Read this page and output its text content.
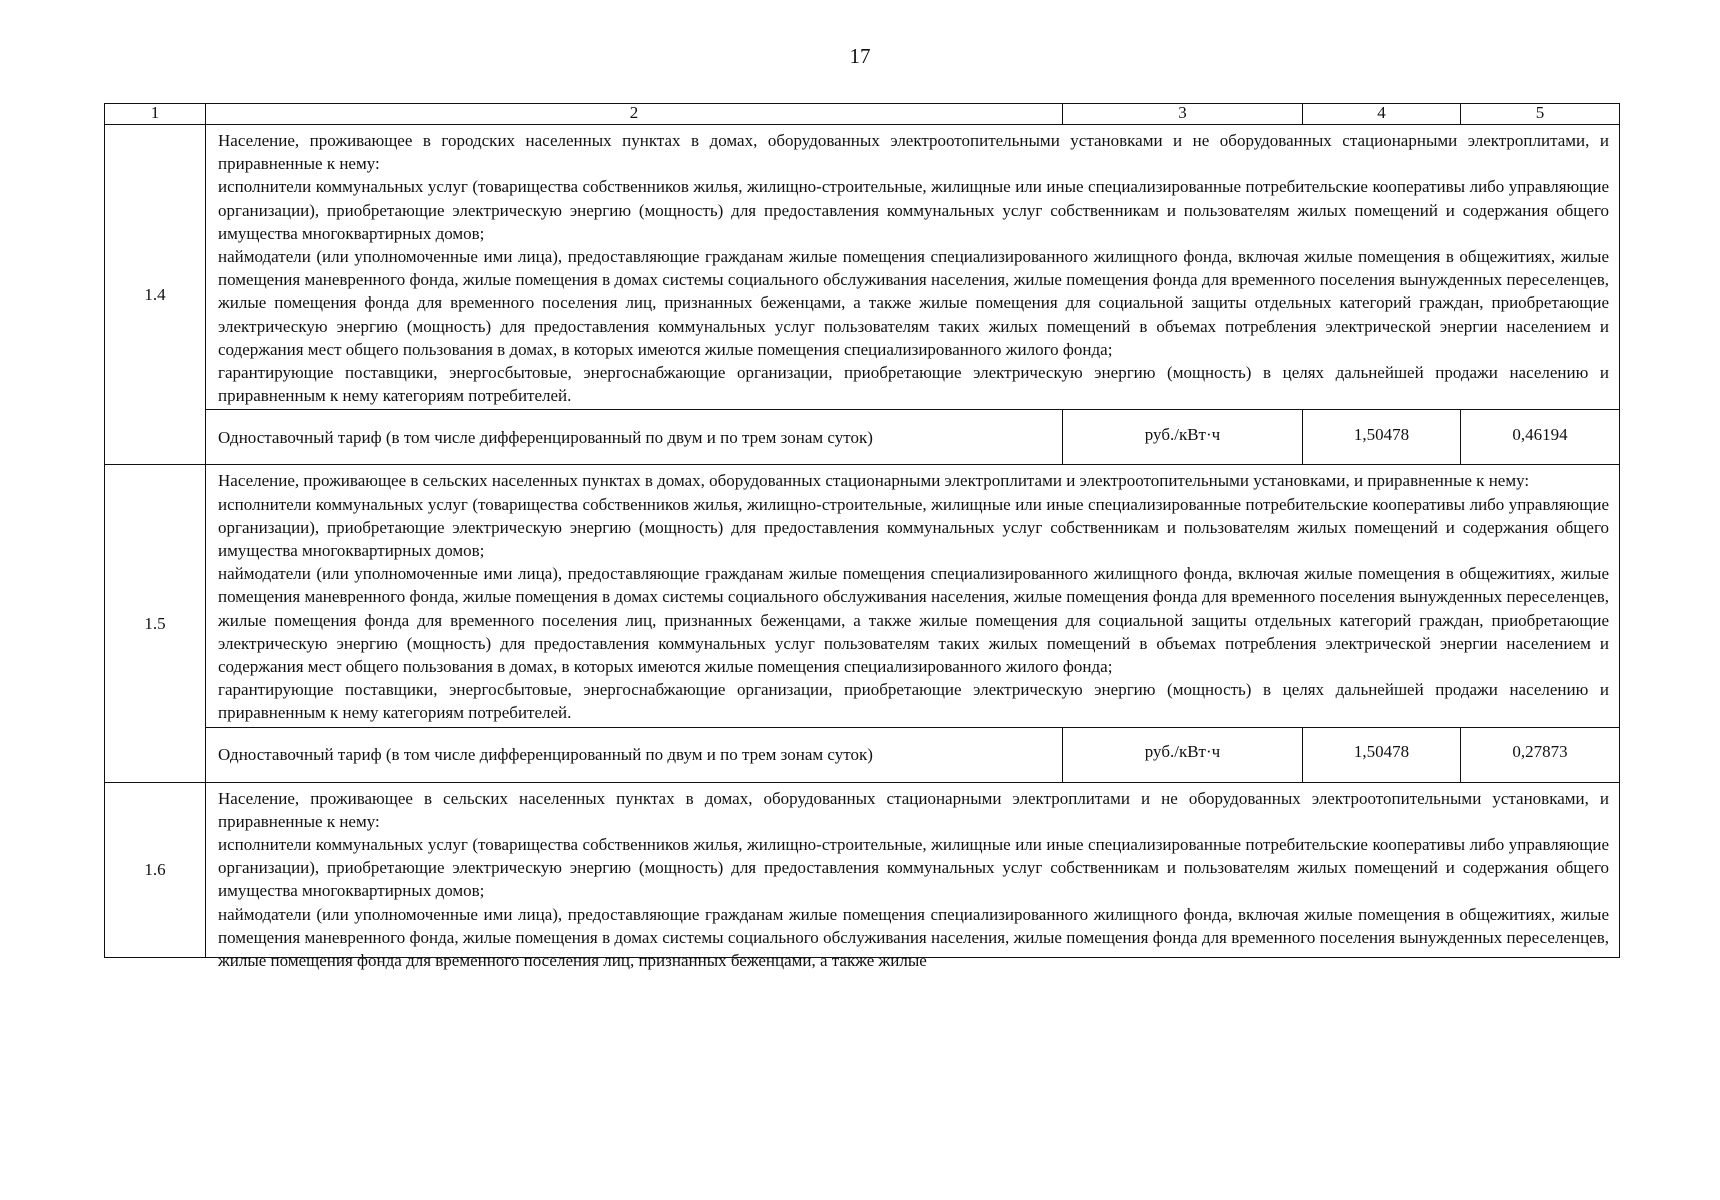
17
1	2	3	4	5
1.4	Население, проживающее в городских населенных пунктах в домах, оборудованных электроотопительными установками и не оборудованных стационарными электроплитами, и приравненные к нему:

исполнители коммунальных услуг (товарищества собственников жилья, жилищно-строительные, жилищные или иные специализированные потребительские кооперативы либо управляющие организации), приобретающие электрическую энергию (мощность) для предоставления коммунальных услуг собственникам и пользователям жилых помещений и содержания общего имущества многоквартирных домов;

наймодатели (или уполномоченные ими лица), предоставляющие гражданам жилые помещения специализированного жилищного фонда, включая жилые помещения в общежитиях, жилые помещения маневренного фонда, жилые помещения в домах системы социального обслуживания населения, жилые помещения фонда для временного поселения вынужденных переселенцев, жилые помещения фонда для временного поселения лиц, признанных беженцами, а также жилые помещения для социальной защиты отдельных категорий граждан, приобретающие электрическую энергию (мощность) для предоставления коммунальных услуг пользователям таких жилых помещений в объемах потребления электрической энергии населением и содержания мест общего пользования в домах, в которых имеются жилые помещения специализированного жилого фонда;

гарантирующие поставщики, энергосбытовые, энергоснабжающие организации, приобретающие электрическую энергию (мощность) в целях дальнейшей продажи населению и приравненным к нему категориям потребителей.			

	Одноставочный тариф (в том числе дифференцированный по двум и по трем зонам суток)	руб./кВт·ч	1,50478	0,46194
1.5	Население, проживающее в сельских населенных пунктах в домах, оборудованных стационарными электроплитами и электроотопительными установками, и приравненные к нему:

исполнители коммунальных услуг (товарищества собственников жилья, жилищно-строительные, жилищные или иные специализированные потребительские кооперативы либо управляющие организации), приобретающие электрическую энергию (мощность) для предоставления коммунальных услуг собственникам и пользователям жилых помещений и содержания общего имущества многоквартирных домов;

наймодатели (или уполномоченные ими лица), предоставляющие гражданам жилые помещения специализированного жилищного фонда, включая жилые помещения в общежитиях, жилые помещения маневренного фонда, жилые помещения в домах системы социального обслуживания населения, жилые помещения фонда для временного поселения вынужденных переселенцев, жилые помещения фонда для временного поселения лиц, признанных беженцами, а также жилые помещения для социальной защиты отдельных категорий граждан, приобретающие электрическую энергию (мощность) для предоставления коммунальных услуг пользователям таких жилых помещений в объемах потребления электрической энергии населением и содержания мест общего пользования в домах, в которых имеются жилые помещения специализированного жилого фонда;

гарантирующие поставщики, энергосбытовые, энергоснабжающие организации, приобретающие электрическую энергию (мощность) в целях дальнейшей продажи населению и приравненным к нему категориям потребителей.			

	Одноставочный тариф (в том числе дифференцированный по двум и по трем зонам суток)	руб./кВт·ч	1,50478	0,27873
1.6	Население, проживающее в сельских населенных пунктах в домах, оборудованных стационарными электроплитами и не оборудованных электроотопительными установками, и приравненные к нему:

исполнители коммунальных услуг (товарищества собственников жилья, жилищно-строительные, жилищные или иные специализированные потребительские кооперативы либо управляющие организации), приобретающие электрическую энергию (мощность) для предоставления коммунальных услуг собственникам и пользователям жилых помещений и содержания общего имущества многоквартирных домов;

наймодатели (или уполномоченные ими лица), предоставляющие гражданам жилые помещения специализированного жилищного фонда, включая жилые помещения в общежитиях, жилые помещения маневренного фонда, жилые помещения в домах системы социального обслуживания населения, жилые помещения фонда для временного поселения вынужденных переселенцев, жилые помещения фонда для временного поселения лиц, признанных беженцами, а также жилые			
